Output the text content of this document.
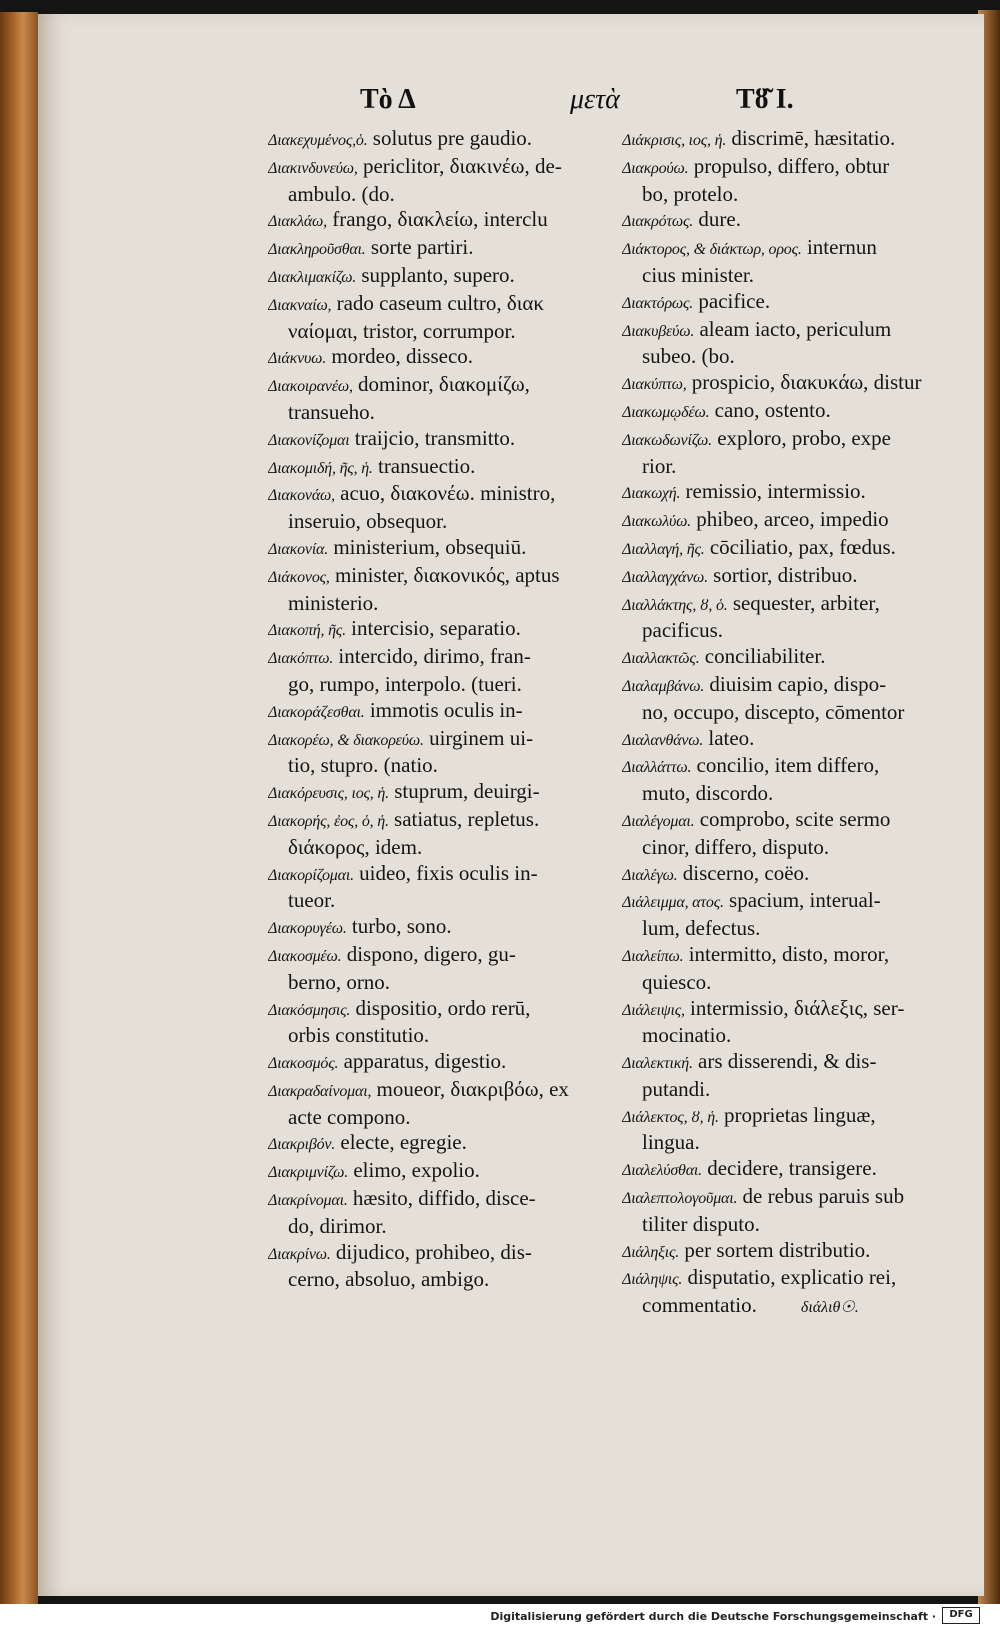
Τὸ Δ	μετὰ	Τȣ͂ Ι.
Διακεχυμένος,ὁ. solutus pre gaudio.
Διακινδυνεύω, periclitor, διακινέω, de-
ambulo. (do.
Διακλάω, frango, διακλείω, interclu
Διακληροῦσθαι. sorte partiri.
Διακλιμακίζω. supplanto, supero.
Διακναίω, rado caseum cultro, διακ
ναίομαι, tristor, corrumpor.
Διάκνυω. mordeo, disseco.
Διακοιρανέω, dominor, διακομίζω,
transueho.
Διακονίζομαι traijcio, transmitto.
Διακομιδή, ῆς, ἡ. transuectio.
Διακονάω, acuo, διακονέω. ministro,
inseruio, obsequor.
Διακονία. ministerium, obsequiū.
Διάκονος, minister, διακονικός, aptus
ministerio.
Διακοπή, ῆς. intercisio, separatio.
Διακόπτω. intercido, dirimo, fran-
go, rumpo, interpolo. (tueri.
Διακοράζεσθαι. immotis oculis in-
Διακορέω, & διακορεύω. uirginem ui-
tio, stupro. (natio.
Διακόρευσις, ιος, ἡ. stuprum, deuirgi-
Διακορής, ἐος, ὁ, ἡ. satiatus, repletus.
διάκορος, idem.
Διακορίζομαι. uideo, fixis oculis in-
tueor.
Διακορυγέω. turbo, sono.
Διακοσμέω. dispono, digero, gu-
berno, orno.
Διακόσμησις. dispositio, ordo rerū,
orbis constitutio.
Διακοσμός. apparatus, digestio.
Διακραδαίνομαι, moueor, διακριβόω, ex
acte compono.
Διακριβόν. electe, egregie.
Διακριμνίζω. elimo, expolio.
Διακρίνομαι. hæsito, diffido, disce-
do, dirimor.
Διακρίνω. dijudico, prohibeo, dis-
cerno, absoluo, ambigo.
Διάκρισις, ιος, ἡ. discrimē, hæsitatio.
Διακρούω. propulso, differo, obtur
bo, protelo.
Διακρότως. dure.
Διάκτορος, & διάκτωρ, ορος. internun
cius minister.
Διακτόρως. pacifice.
Διακυβεύω. aleam iacto, periculum
subeo. (bo.
Διακύπτω, prospicio, διακυκάω, distur
Διακωμῳδέω. cano, ostento.
Διακωδωνίζω. exploro, probo, expe
rior.
Διακωχή. remissio, intermissio.
Διακωλύω. phibeo, arceo, impedio
Διαλλαγή, ῆς. cōciliatio, pax, fœdus.
Διαλλαγχάνω. sortior, distribuo.
Διαλλάκτης, ȣ, ὁ. sequester, arbiter,
pacificus.
Διαλλακτῶς. conciliabiliter.
Διαλαμβάνω. diuisim capio, dispo-
no, occupo, discepto, cōmentor
Διαλανθάνω. lateo.
Διαλλάττω. concilio, item differo,
muto, discordo.
Διαλέγομαι. comprobo, scite sermo
cinor, differo, disputo.
Διαλέγω. discerno, coëo.
Διάλειμμα, ατος. spacium, interual-
lum, defectus.
Διαλείπω. intermitto, disto, moror,
quiesco.
Διάλειψις, intermissio, διάλεξις, ser-
mocinatio.
Διαλεκτική. ars disserendi, & dis-
putandi.
Διάλεκτος, ȣ, ἡ. proprietas linguæ,
lingua.
Διαλελύσθαι. decidere, transigere.
Διαλεπτολογοῦμαι. de rebus paruis sub
tiliter disputo.
Διάληξις. per sortem distributio.
Διάληψις. disputatio, explicatio rei,
commentatio.	διάλιθ☉.
Digitalisierung gefördert durch die Deutsche Forschungsgemeinschaft ·	DFG
